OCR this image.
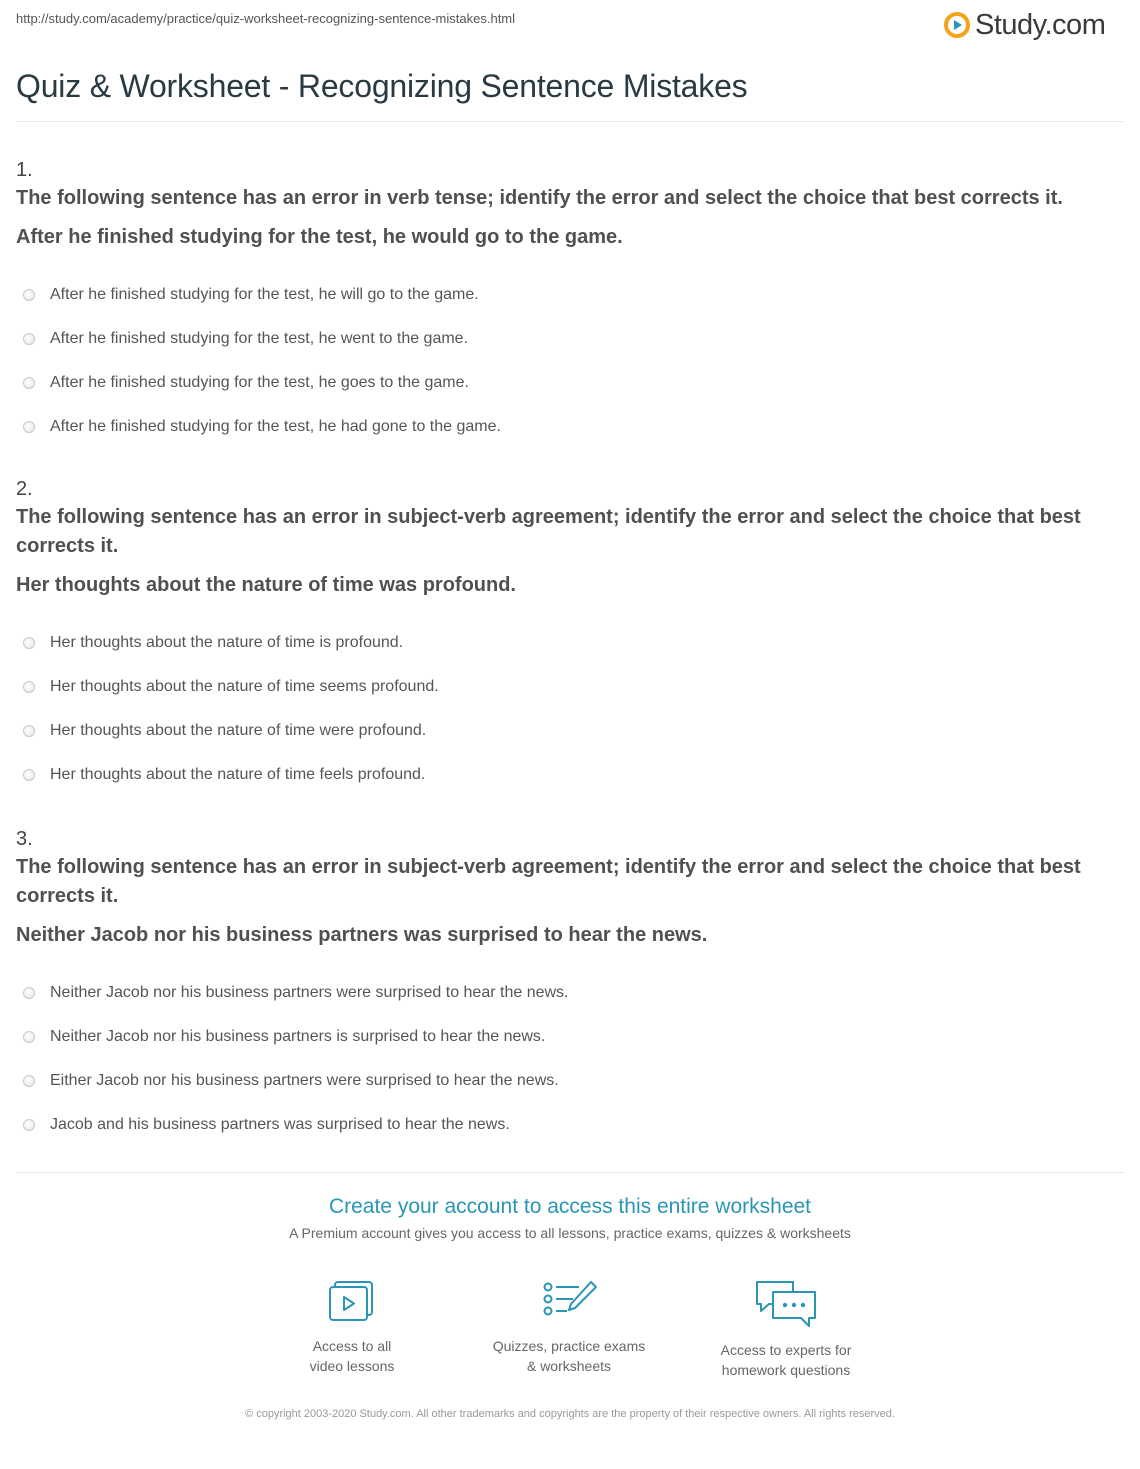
http://study.com/academy/practice/quiz-worksheet-recognizing-sentence-mistakes.html	Study.com
Quiz & Worksheet - Recognizing Sentence Mistakes
1.
The following sentence has an error in verb tense; identify the error and select the choice that best corrects it.
After he finished studying for the test, he would go to the game.
After he finished studying for the test, he will go to the game.
After he finished studying for the test, he went to the game.
After he finished studying for the test, he goes to the game.
After he finished studying for the test, he had gone to the game.
2.
The following sentence has an error in subject-verb agreement; identify the error and select the choice that best corrects it.
Her thoughts about the nature of time was profound.
Her thoughts about the nature of time is profound.
Her thoughts about the nature of time seems profound.
Her thoughts about the nature of time were profound.
Her thoughts about the nature of time feels profound.
3.
The following sentence has an error in subject-verb agreement; identify the error and select the choice that best corrects it.
Neither Jacob nor his business partners was surprised to hear the news.
Neither Jacob nor his business partners were surprised to hear the news.
Neither Jacob nor his business partners is surprised to hear the news.
Either Jacob nor his business partners were surprised to hear the news.
Jacob and his business partners was surprised to hear the news.
Create your account to access this entire worksheet
A Premium account gives you access to all lessons, practice exams, quizzes & worksheets
Access to all
video lessons
Quizzes, practice exams
& worksheets
Access to experts for
homework questions
© copyright 2003-2020 Study.com. All other trademarks and copyrights are the property of their respective owners. All rights reserved.
